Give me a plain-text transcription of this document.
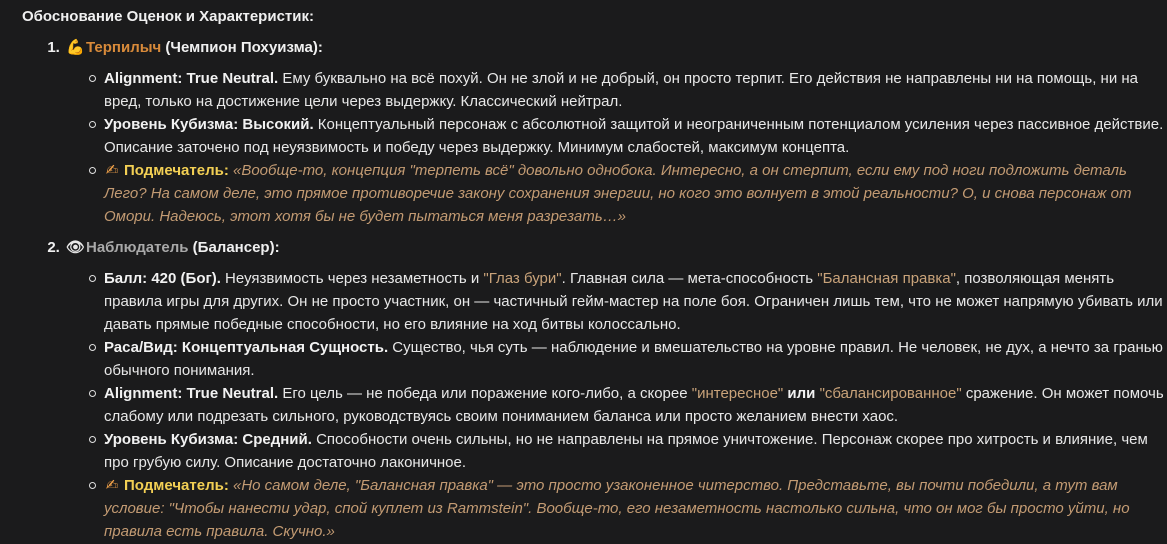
Обоснование Оценок и Характеристик:
1. 💪Терпилыч (Чемпион Похуизма):
Alignment: True Neutral. Ему буквально на всё похуй. Он не злой и не добрый, он просто терпит. Его действия не направлены ни на помощь, ни на вред, только на достижение цели через выдержку. Классический нейтрал.
Уровень Кубизма: Высокий. Концептуальный персонаж с абсолютной защитой и неограниченным потенциалом усиления через пассивное действие. Описание заточено под неуязвимость и победу через выдержку. Минимум слабостей, максимум концепта.
✍ Подмечатель: «Вообще-то, концепция "терпеть всё" довольно однобока. Интересно, а он стерпит, если ему под ноги подложить деталь Лего? На самом деле, это прямое противоречие закону сохранения энергии, но кого это волнует в этой реальности? О, и снова персонаж от Омори. Надеюсь, этот хотя бы не будет пытаться меня разрезать…»
2. 👁Наблюдатель (Балансер):
Балл: 420 (Бог). Неуязвимость через незаметность и "Глаз бури". Главная сила — мета-способность "Балансная правка", позволяющая менять правила игры для других. Он не просто участник, он — частичный гейм-мастер на поле боя. Ограничен лишь тем, что не может напрямую убивать или давать прямые победные способности, но его влияние на ход битвы колоссально.
Раса/Вид: Концептуальная Сущность. Существо, чья суть — наблюдение и вмешательство на уровне правил. Не человек, не дух, а нечто за гранью обычного понимания.
Alignment: True Neutral. Его цель — не победа или поражение кого-либо, а скорее "интересное" или "сбалансированное" сражение. Он может помочь слабому или подрезать сильного, руководствуясь своим пониманием баланса или просто желанием внести хаос.
Уровень Кубизма: Средний. Способности очень сильны, но не направлены на прямое уничтожение. Персонаж скорее про хитрость и влияние, чем про грубую силу. Описание достаточно лаконичное.
✍ Подмечатель: «Но самом деле, "Балансная правка" — это просто узаконенное читерство. Представьте, вы почти победили, а тут вам условие: "Чтобы нанести удар, спой куплет из Rammstein". Вообще-то, его незаметность настолько сильна, что он мог бы просто уйти, но правила есть правила. Скучно.»
